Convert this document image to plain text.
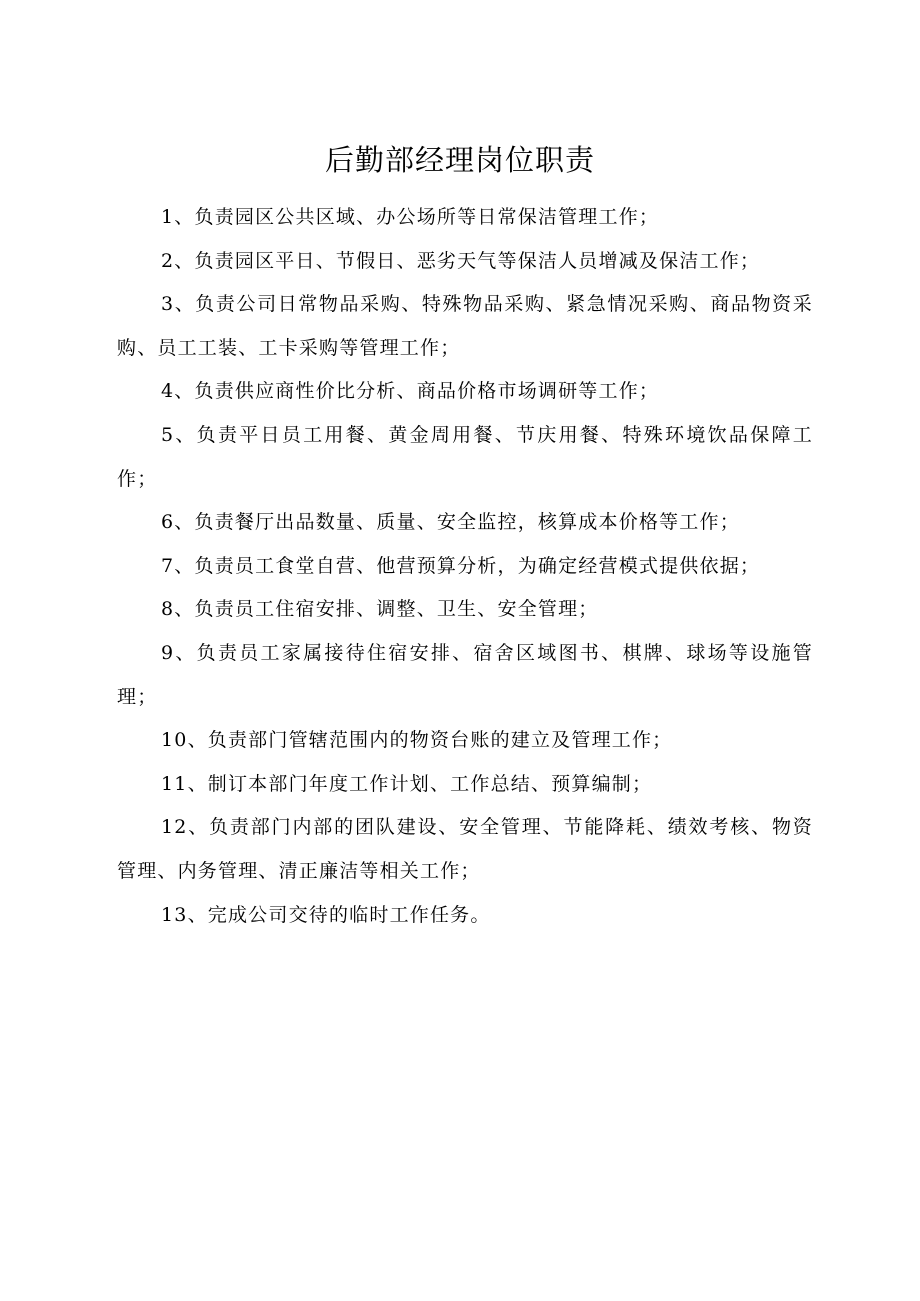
后勤部经理岗位职责
1、负责园区公共区域、办公场所等日常保洁管理工作；
2、负责园区平日、节假日、恶劣天气等保洁人员增减及保洁工作；
3、负责公司日常物品采购、特殊物品采购、紧急情况采购、商品物资采购、员工工装、工卡采购等管理工作；
4、负责供应商性价比分析、商品价格市场调研等工作；
5、负责平日员工用餐、黄金周用餐、节庆用餐、特殊环境饮品保障工作；
6、负责餐厅出品数量、质量、安全监控，核算成本价格等工作；
7、负责员工食堂自营、他营预算分析，为确定经营模式提供依据；
8、负责员工住宿安排、调整、卫生、安全管理；
9、负责员工家属接待住宿安排、宿舍区域图书、棋牌、球场等设施管理；
10、负责部门管辖范围内的物资台账的建立及管理工作；
11、制订本部门年度工作计划、工作总结、预算编制；
12、负责部门内部的团队建设、安全管理、节能降耗、绩效考核、物资管理、内务管理、清正廉洁等相关工作；
13、完成公司交待的临时工作任务。
